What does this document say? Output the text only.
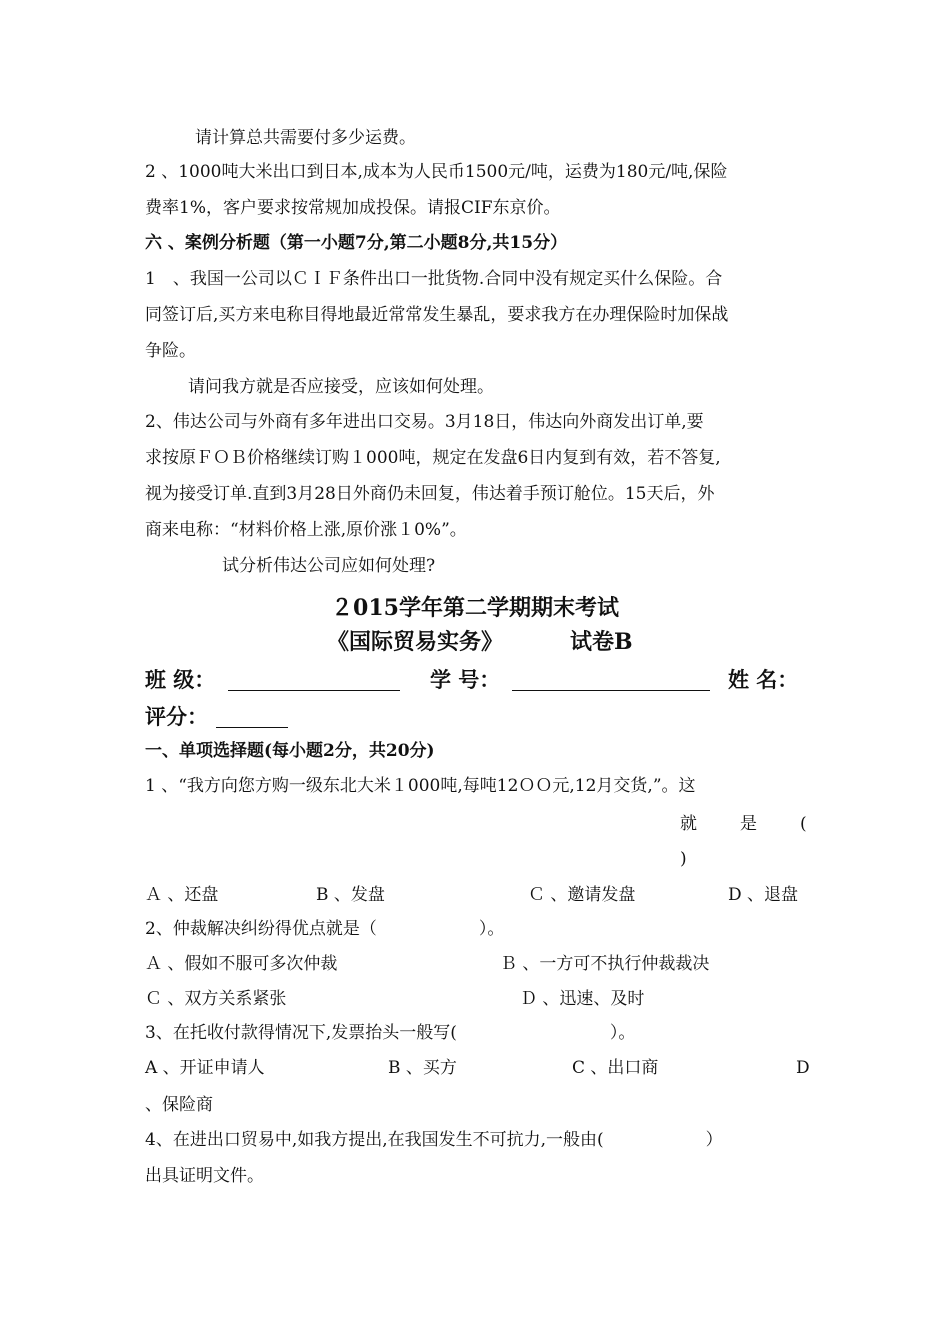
请计算总共需要付多少运费。
2 、1000吨大米出口到日本,成本为人民币1500元/吨，运费为180元/吨,保险
费率1%，客户要求按常规加成投保。请报CIF东京价。
六 、案例分析题（第一小题7分,第二小题8分,共15分）
1　、我国一公司以ＣＩＦ条件出口一批货物.合同中没有规定买什么保险。合
同签订后,买方来电称目得地最近常常发生暴乱，要求我方在办理保险时加保战
争险。
请问我方就是否应接受，应该如何处理。
2、伟达公司与外商有多年进出口交易。3月18日，伟达向外商发出订单,要
求按原ＦＯＢ价格继续订购１000吨，规定在发盘6日内复到有效，若不答复,
视为接受订单.直到3月28日外商仍未回复，伟达着手预订舱位。15天后，外
商来电称：“材料价格上涨,原价涨１0%”。
试分析伟达公司应如何处理?
２015学年第二学期期末考试
《国际贸易实务》	试卷B
班 级：	学 号：	姓 名：
评分：
一、单项选择题(每小题2分，共20分)
1 、“我方向您方购一级东北大米１000吨,每吨12ＯＯ元,12月交货,”。这
就	是	(
)
Ａ 、还盘	B 、发盘	Ｃ 、邀请发盘	D 、退盘
2、仲裁解决纠纷得优点就是（　　　　　　）。
Ａ 、假如不服可多次仲裁	Ｂ 、一方可不执行仲裁裁决
Ｃ 、双方关系紧张	Ｄ 、迅速、及时
3、在托收付款得情况下,发票抬头一般写(　　　　　　　　　）。
A 、开证申请人	B 、买方	C 、出口商	D
、保险商
4、在进出口贸易中,如我方提出,在我国发生不可抗力,一般由(　　　　　　）
出具证明文件。
